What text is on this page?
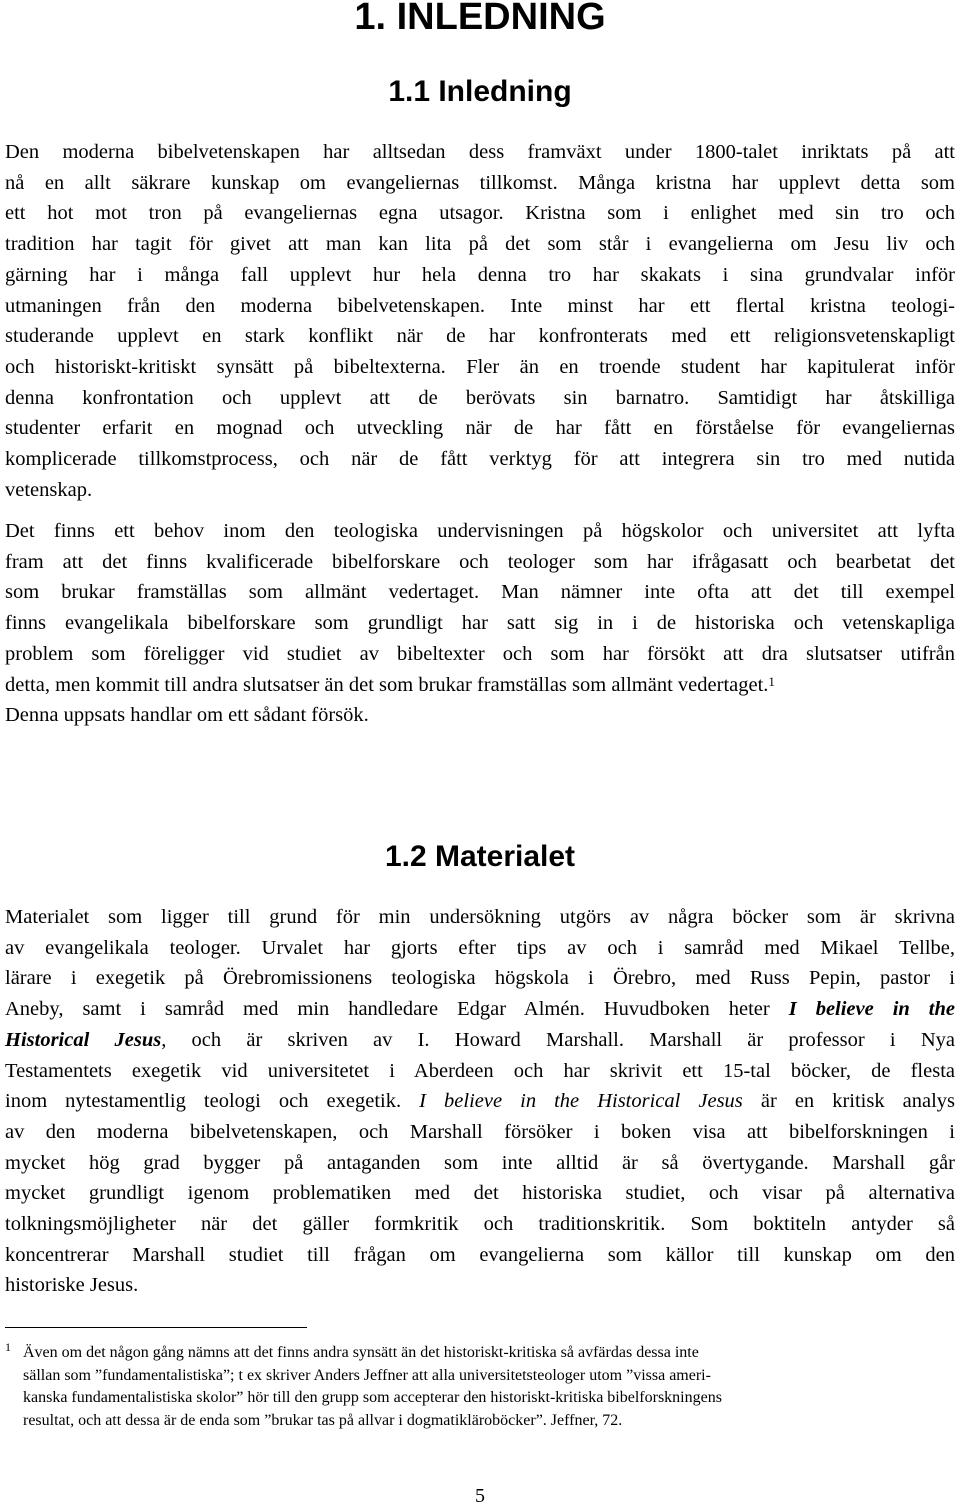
1. INLEDNING
1.1 Inledning
Den moderna bibelvetenskapen har alltsedan dess framväxt under 1800-talet inriktats på att
nå en allt säkrare kunskap om evangeliernas tillkomst. Många kristna har upplevt detta som
ett hot mot tron på evangeliernas egna utsagor. Kristna som i enlighet med sin tro och
tradition har tagit för givet att man kan lita på det som står i evangelierna om Jesu liv och
gärning har i många fall upplevt hur hela denna tro har skakats i sina grundvalar inför
utmaningen från den moderna bibelvetenskapen. Inte minst har ett flertal kristna teologi-
studerande upplevt en stark konflikt när de har konfronterats med ett religionsvetenskapligt
och historiskt-kritiskt synsätt på bibeltexterna. Fler än en troende student har kapitulerat inför
denna konfrontation och upplevt att de berövats sin barnatro. Samtidigt har åtskilliga
studenter erfarit en mognad och utveckling när de har fått en förståelse för evangeliernas
komplicerade tillkomstprocess, och när de fått verktyg för att integrera sin tro med nutida
vetenskap.
Det finns ett behov inom den teologiska undervisningen på högskolor och universitet att lyfta
fram att det finns kvalificerade bibelforskare och teologer som har ifrågasatt och bearbetat det
som brukar framställas som allmänt vedertaget. Man nämner inte ofta att det till exempel
finns evangelikala bibelforskare som grundligt har satt sig in i de historiska och vetenskapliga
problem som föreligger vid studiet av bibeltexter och som har försökt att dra slutsatser utifrån
detta, men kommit till andra slutsatser än det som brukar framställas som allmänt vedertaget.$^1$
Denna uppsats handlar om ett sådant försök.
1.2 Materialet
Materialet som ligger till grund för min undersökning utgörs av några böcker som är skrivna
av evangelikala teologer. Urvalet har gjorts efter tips av och i samråd med Mikael Tellbe,
lärare i exegetik på Örebromissionens teologiska högskola i Örebro, med Russ Pepin, pastor i
Aneby, samt i samråd med min handledare Edgar Almén. Huvudboken heter I believe in the
Historical Jesus, och är skriven av I. Howard Marshall. Marshall är professor i Nya
Testamentets exegetik vid universitetet i Aberdeen och har skrivit ett 15-tal böcker, de flesta
inom nytestamentlig teologi och exegetik. I believe in the Historical Jesus är en kritisk analys
av den moderna bibelvetenskapen, och Marshall försöker i boken visa att bibelforskningen i
mycket hög grad bygger på antaganden som inte alltid är så övertygande. Marshall går
mycket grundligt igenom problematiken med det historiska studiet, och visar på alternativa
tolkningsmöjligheter när det gäller formkritik och traditionskritik. Som boktiteln antyder så
koncentrerar Marshall studiet till frågan om evangelierna som källor till kunskap om den
historiske Jesus.
1 Även om det någon gång nämns att det finns andra synsätt än det historiskt-kritiska så avfärdas dessa inte
sällan som ”fundamentalistiska”; t ex skriver Anders Jeffner att alla universitetsteologer utom ”vissa ameri-
kanska fundamentalistiska skolor” hör till den grupp som accepterar den historiskt-kritiska bibelforskningens
resultat, och att dessa är de enda som ”brukar tas på allvar i dogmatikläroböcker”. Jeffner, 72.
5
